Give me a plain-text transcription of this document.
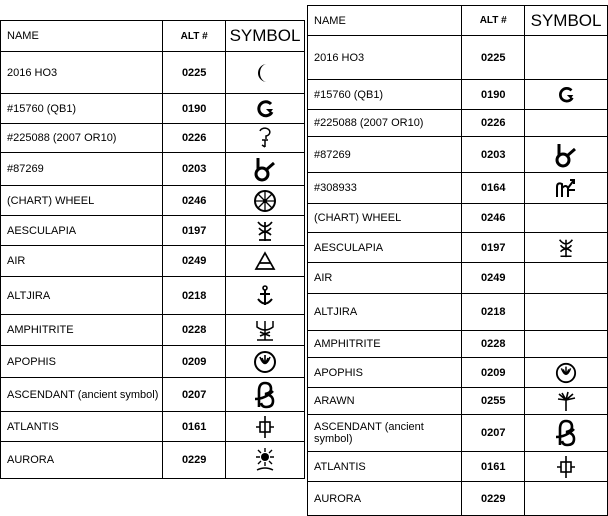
NAME	ALT #	SYMBOL
2016 HO3	0225	

#15760 (QB1)	0190	

#225088 (2007 OR10)	0226	

#87269	0203	

(CHART) WHEEL	0246	

AESCULAPIA	0197	

AIR	0249	

ALTJIRA	0218	

AMPHITRITE	0228	

APOPHIS	0209	

ASCENDANT (ancient symbol)	0207	

ATLANTIS	0161	

AURORA	0229	
NAME	ALT #	SYMBOL
2016 HO3	0225	
#15760 (QB1)	0190	

#225088 (2007 OR10)	0226	
#87269	0203	

#308933	0164	

(CHART) WHEEL	0246	
AESCULAPIA	0197	

AIR	0249	
ALTJIRA	0218	
AMPHITRITE	0228	
APOPHIS	0209	

ARAWN	0255	

ASCENDANT (ancient symbol)	0207	

ATLANTIS	0161	

AURORA	0229	
